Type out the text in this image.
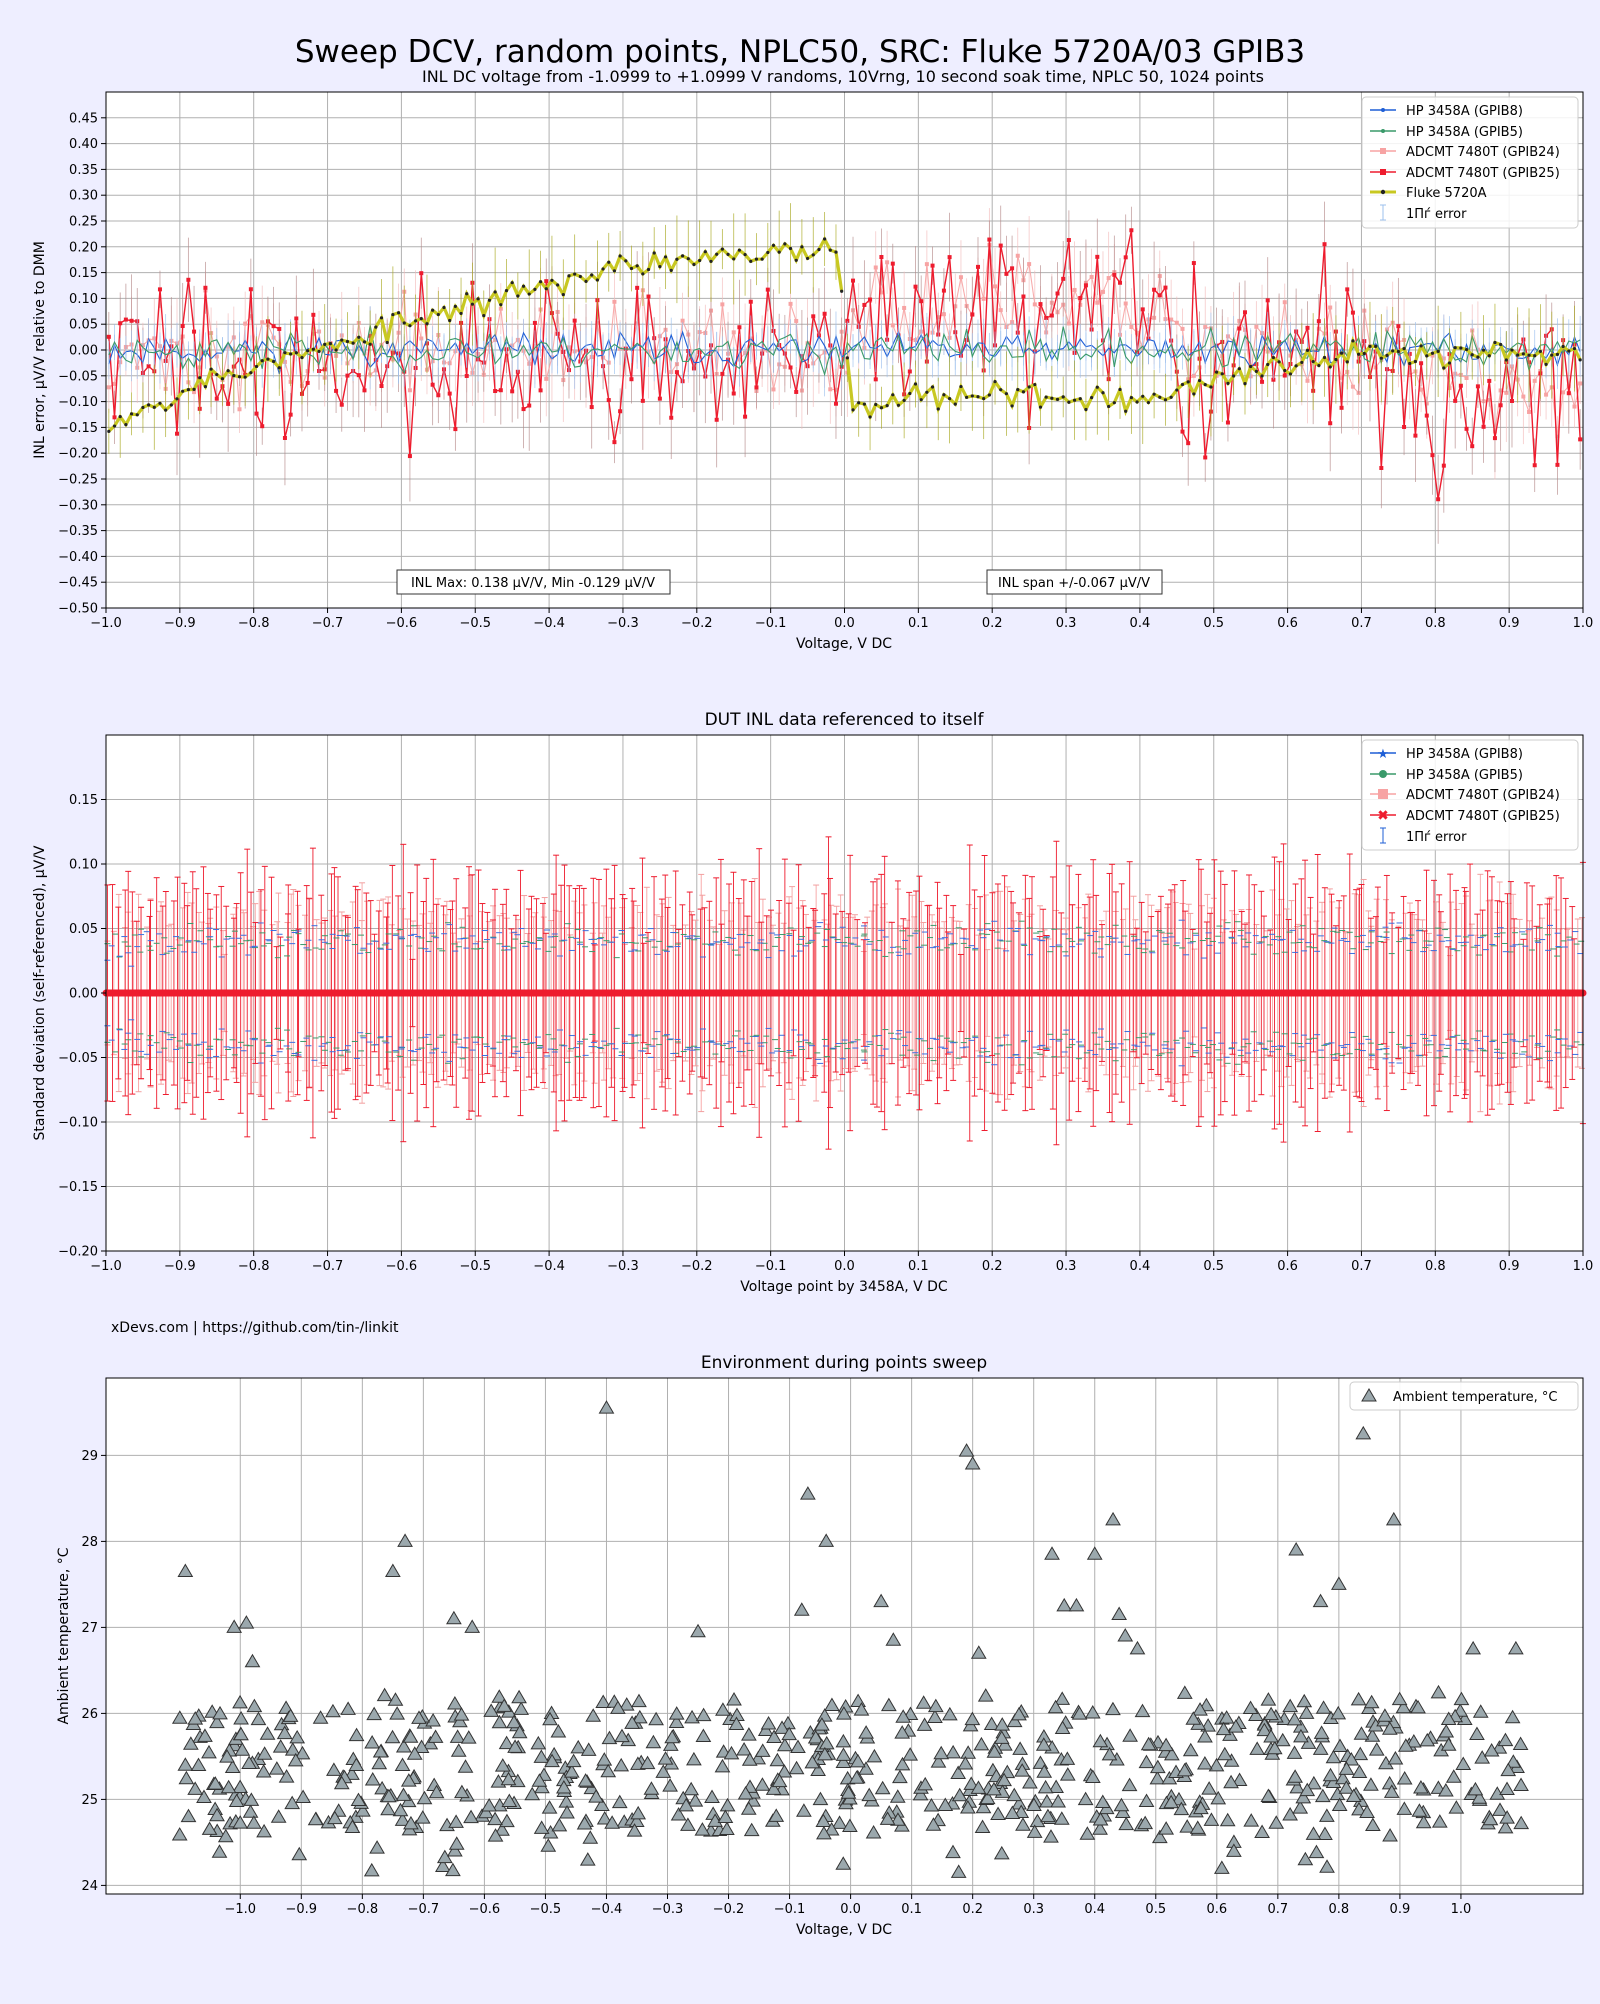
Sweep DCV, random points, NPLC50, SRC: Fluke 5720A/03 GPIB3
INL DC voltage from -1.0999 to +1.0999 V randoms, 10Vrng, 10 second soak time, NPLC 50, 1024 points
−1.0	−0.9	−0.8	−0.7	−0.6	−0.5	−0.4	−0.3	−0.2	−0.1	0.0	0.1	0.2	0.3	0.4	0.5	0.6	0.7	0.8	0.9	1.0
−0.50
−0.45
−0.40
−0.35
−0.30
−0.25
−0.20
−0.15
−0.10
−0.05
0.00
0.05
0.10
0.15
0.20
0.25
0.30
0.35
0.40
0.45
Voltage, V DC
INL error, μV/V relative to DMM
INL Max: 0.138 μV/V, Min -0.129 μV/V	INL span +/-0.067 μV/V
HP 3458A (GPIB8)
HP 3458A (GPIB5)
ADCMT 7480T (GPIB24)
ADCMT 7480T (GPIB25)
Fluke 5720A
1Пѓ error
DUT INL data referenced to itself
−1.0	−0.9	−0.8	−0.7	−0.6	−0.5	−0.4	−0.3	−0.2	−0.1	0.0	0.1	0.2	0.3	0.4	0.5	0.6	0.7	0.8	0.9	1.0
−0.20
−0.15
−0.10
−0.05
0.00
0.05
0.10
0.15
Voltage point by 3458A, V DC
Standard deviation (self-referenced), μV/V
★ HP 3458A (GPIB8)
HP 3458A (GPIB5)
ADCMT 7480T (GPIB24)
✖ ADCMT 7480T (GPIB25)
1Пѓ error
xDevs.com | https://github.com/tin-/linkit
Environment during points sweep
−1.0 −0.9 −0.8 −0.7 −0.6 −0.5 −0.4 −0.3 −0.2 −0.1	0.0	0.1	0.2	0.3	0.4	0.5	0.6	0.7	0.8	0.9	1.0
24
25
26
27
28
29
Voltage, V DC
Ambient temperature, °C
Ambient temperature, °C
